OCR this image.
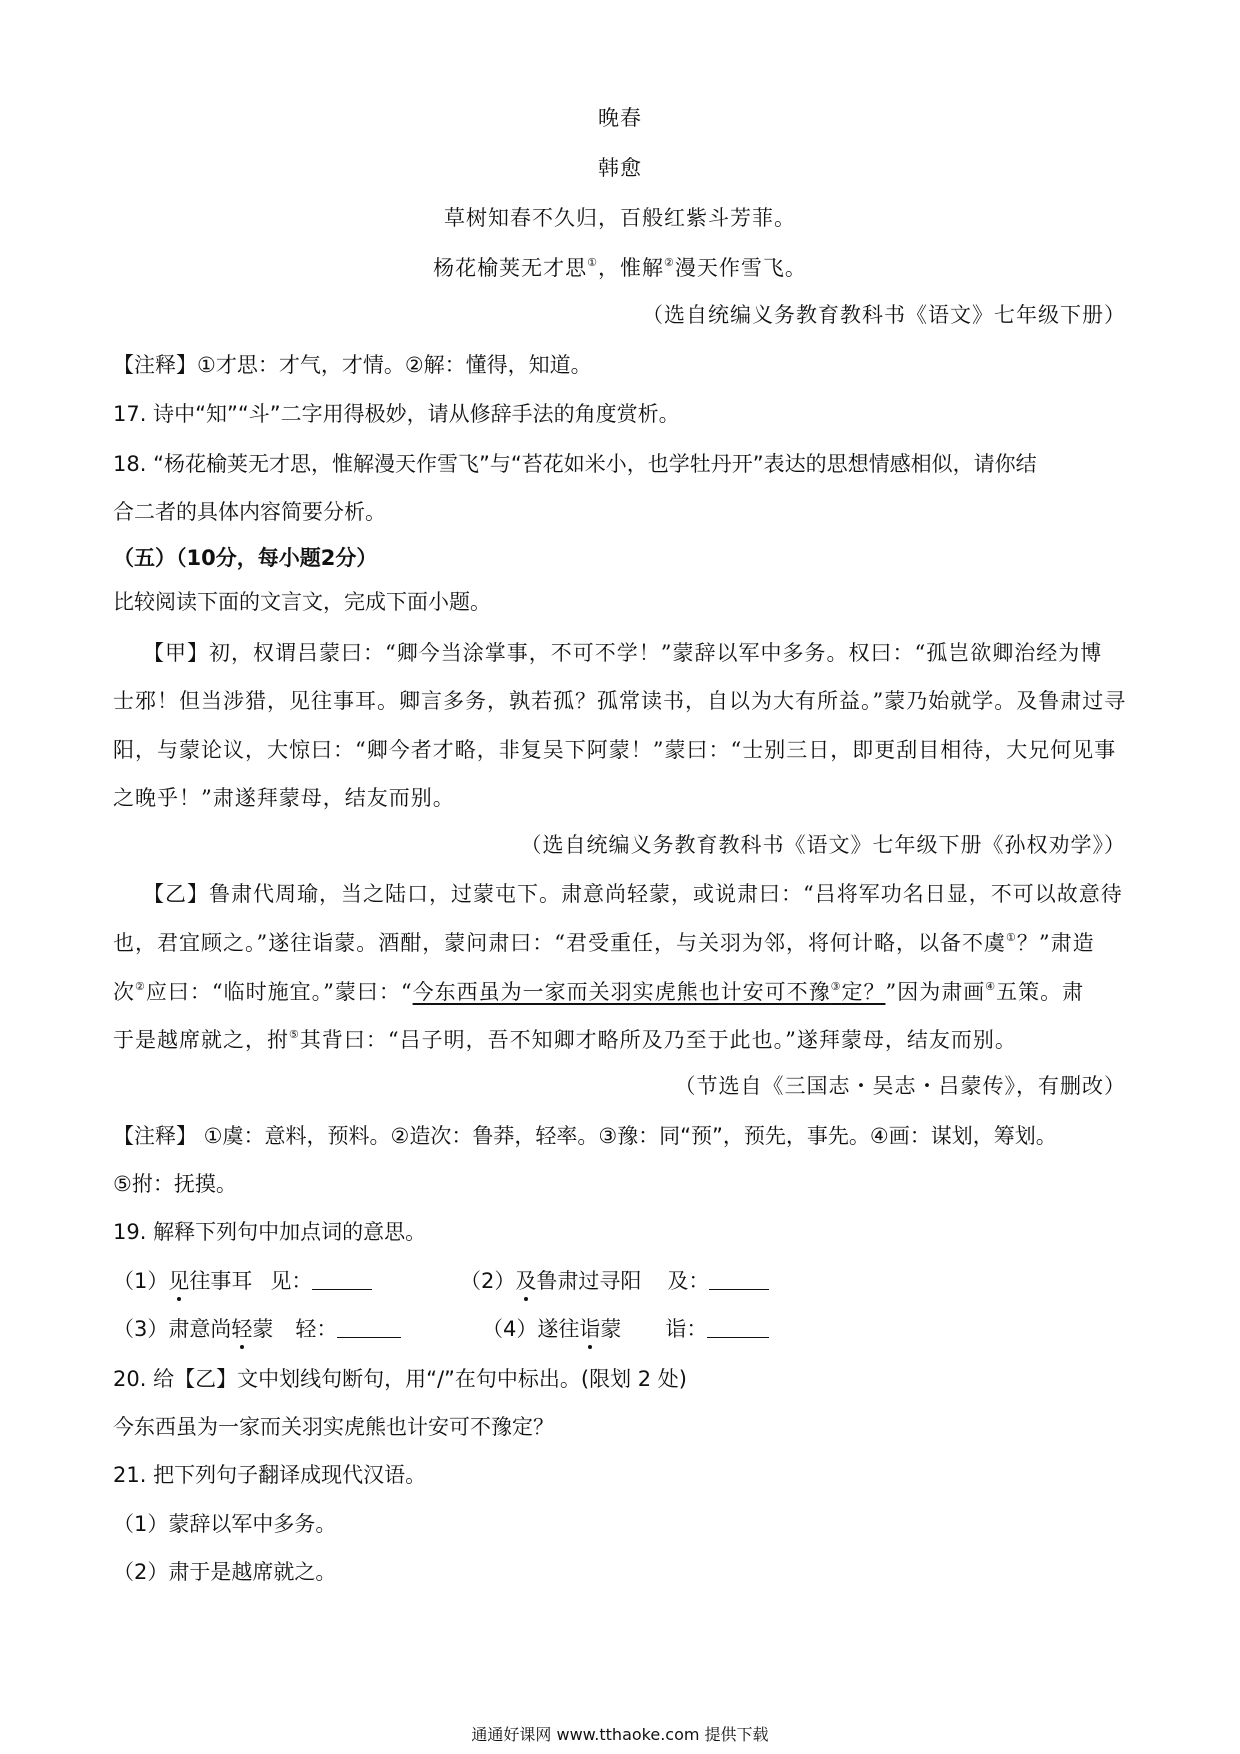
晚春
韩愈
草树知春不久归，百般红紫斗芳菲。
杨花榆荚无才思①，惟解②漫天作雪飞。
（选自统编义务教育教科书《语文》七年级下册）
【注释】①才思：才气，才情。②解：懂得，知道。
17. 诗中“知”“斗”二字用得极妙，请从修辞手法的角度赏析。
18. “杨花榆荚无才思，惟解漫天作雪飞”与“苔花如米小，也学牡丹开”表达的思想情感相似，请你结
合二者的具体内容简要分析。
（五）（10分，每小题2分）
比较阅读下面的文言文，完成下面小题。
【甲】初，权谓吕蒙曰：“卿今当涂掌事，不可不学！”蒙辞以军中多务。权曰：“孤岂欲卿治经为博
士邪！但当涉猎，见往事耳。卿言多务，孰若孤？孤常读书，自以为大有所益。”蒙乃始就学。及鲁肃过寻
阳，与蒙论议，大惊曰：“卿今者才略，非复吴下阿蒙！”蒙曰：“士别三日，即更刮目相待，大兄何见事
之晚乎！”肃遂拜蒙母，结友而别。
（选自统编义务教育教科书《语文》七年级下册《孙权劝学》）
【乙】鲁肃代周瑜，当之陆口，过蒙屯下。肃意尚轻蒙，或说肃曰：“吕将军功名日显，不可以故意待
也，君宜顾之。”遂往诣蒙。酒酣，蒙问肃曰：“君受重任，与关羽为邻，将何计略，以备不虞①？”肃造
次②应曰：“临时施宜。”蒙曰：“今东西虽为一家而关羽实虎熊也计安可不豫③定？”因为肃画④五策。肃
于是越席就之，拊⑤其背曰：“吕子明，吾不知卿才略所及乃至于此也。”遂拜蒙母，结友而别。
（节选自《三国志・吴志・吕蒙传》，有删改）
【注释】 ①虞：意料，预料。②造次：鲁莽，轻率。③豫：同“预”，预先，事先。④画：谋划，筹划。
⑤拊：抚摸。
19. 解释下列句中加点词的意思。
（1）见往事耳 见：	（2）及鲁肃过寻阳 及：
（3）肃意尚轻蒙 轻：	（4）遂往诣蒙 诣：
20. 给【乙】文中划线句断句，用“/”在句中标出。(限划 2 处)
今东西虽为一家而关羽实虎熊也计安可不豫定？
21. 把下列句子翻译成现代汉语。
（1）蒙辞以军中多务。
（2）肃于是越席就之。
通通好课网 www.tthaoke.com 提供下载
